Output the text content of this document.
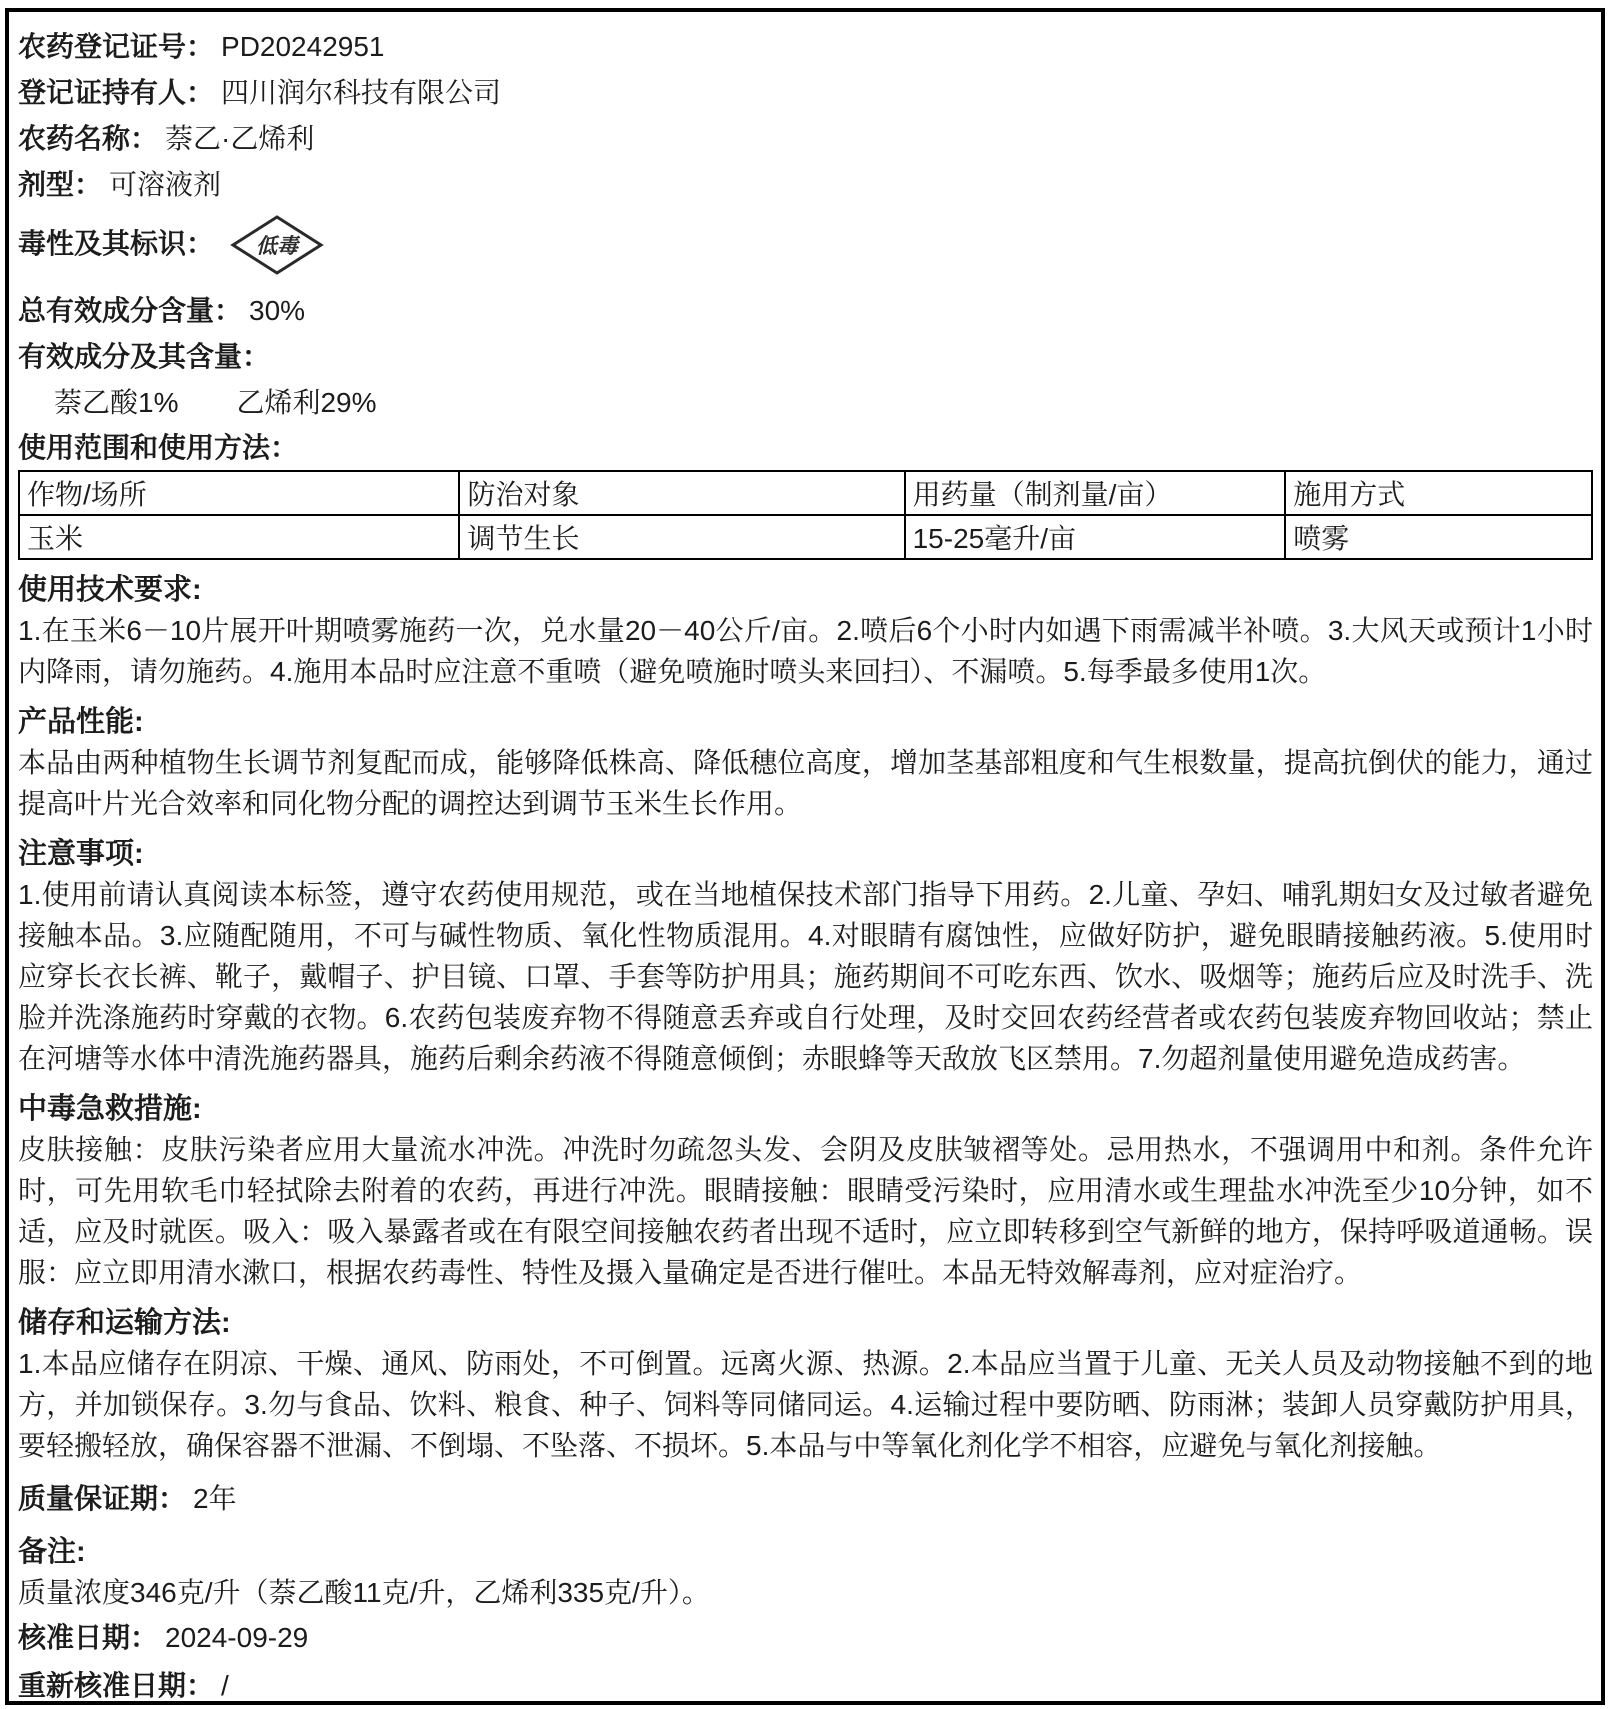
农药登记证号： PD20242951
登记证持有人： 四川润尔科技有限公司
农药名称： 萘乙·乙烯利
剂型： 可溶液剂
毒性及其标识： 低毒
总有效成分含量： 30%
有效成分及其含量：
萘乙酸1% 乙烯利29%
使用范围和使用方法：
作物/场所	防治对象	用药量（制剂量/亩）	施用方式
玉米	调节生长	15-25毫升/亩	喷雾
使用技术要求:
1.在玉米6－10片展开叶期喷雾施药一次，兑水量20－40公斤/亩。2.喷后6个小时内如遇下雨需减半补喷。3.大风天或预计1小时内降雨，请勿施药。4.施用本品时应注意不重喷（避免喷施时喷头来回扫）、不漏喷。5.每季最多使用1次。
产品性能:
本品由两种植物生长调节剂复配而成，能够降低株高、降低穗位高度，增加茎基部粗度和气生根数量，提高抗倒伏的能力，通过提高叶片光合效率和同化物分配的调控达到调节玉米生长作用。
注意事项:
1.使用前请认真阅读本标签，遵守农药使用规范，或在当地植保技术部门指导下用药。2.儿童、孕妇、哺乳期妇女及过敏者避免接触本品。3.应随配随用，不可与碱性物质、氧化性物质混用。4.对眼睛有腐蚀性，应做好防护，避免眼睛接触药液。5.使用时应穿长衣长裤、靴子，戴帽子、护目镜、口罩、手套等防护用具；施药期间不可吃东西、饮水、吸烟等；施药后应及时洗手、洗脸并洗涤施药时穿戴的衣物。6.农药包装废弃物不得随意丢弃或自行处理，及时交回农药经营者或农药包装废弃物回收站；禁止在河塘等水体中清洗施药器具，施药后剩余药液不得随意倾倒；赤眼蜂等天敌放飞区禁用。7.勿超剂量使用避免造成药害。
中毒急救措施:
皮肤接触：皮肤污染者应用大量流水冲洗。冲洗时勿疏忽头发、会阴及皮肤皱褶等处。忌用热水，不强调用中和剂。条件允许时，可先用软毛巾轻拭除去附着的农药，再进行冲洗。眼睛接触：眼睛受污染时，应用清水或生理盐水冲洗至少10分钟，如不适，应及时就医。吸入：吸入暴露者或在有限空间接触农药者出现不适时，应立即转移到空气新鲜的地方，保持呼吸道通畅。误服：应立即用清水漱口，根据农药毒性、特性及摄入量确定是否进行催吐。本品无特效解毒剂，应对症治疗。
储存和运输方法:
1.本品应储存在阴凉、干燥、通风、防雨处，不可倒置。远离火源、热源。2.本品应当置于儿童、无关人员及动物接触不到的地方，并加锁保存。3.勿与食品、饮料、粮食、种子、饲料等同储同运。4.运输过程中要防晒、防雨淋；装卸人员穿戴防护用具，要轻搬轻放，确保容器不泄漏、不倒塌、不坠落、不损坏。5.本品与中等氧化剂化学不相容，应避免与氧化剂接触。
质量保证期： 2年
备注:
质量浓度346克/升（萘乙酸11克/升，乙烯利335克/升）。
核准日期： 2024-09-29
重新核准日期： /
